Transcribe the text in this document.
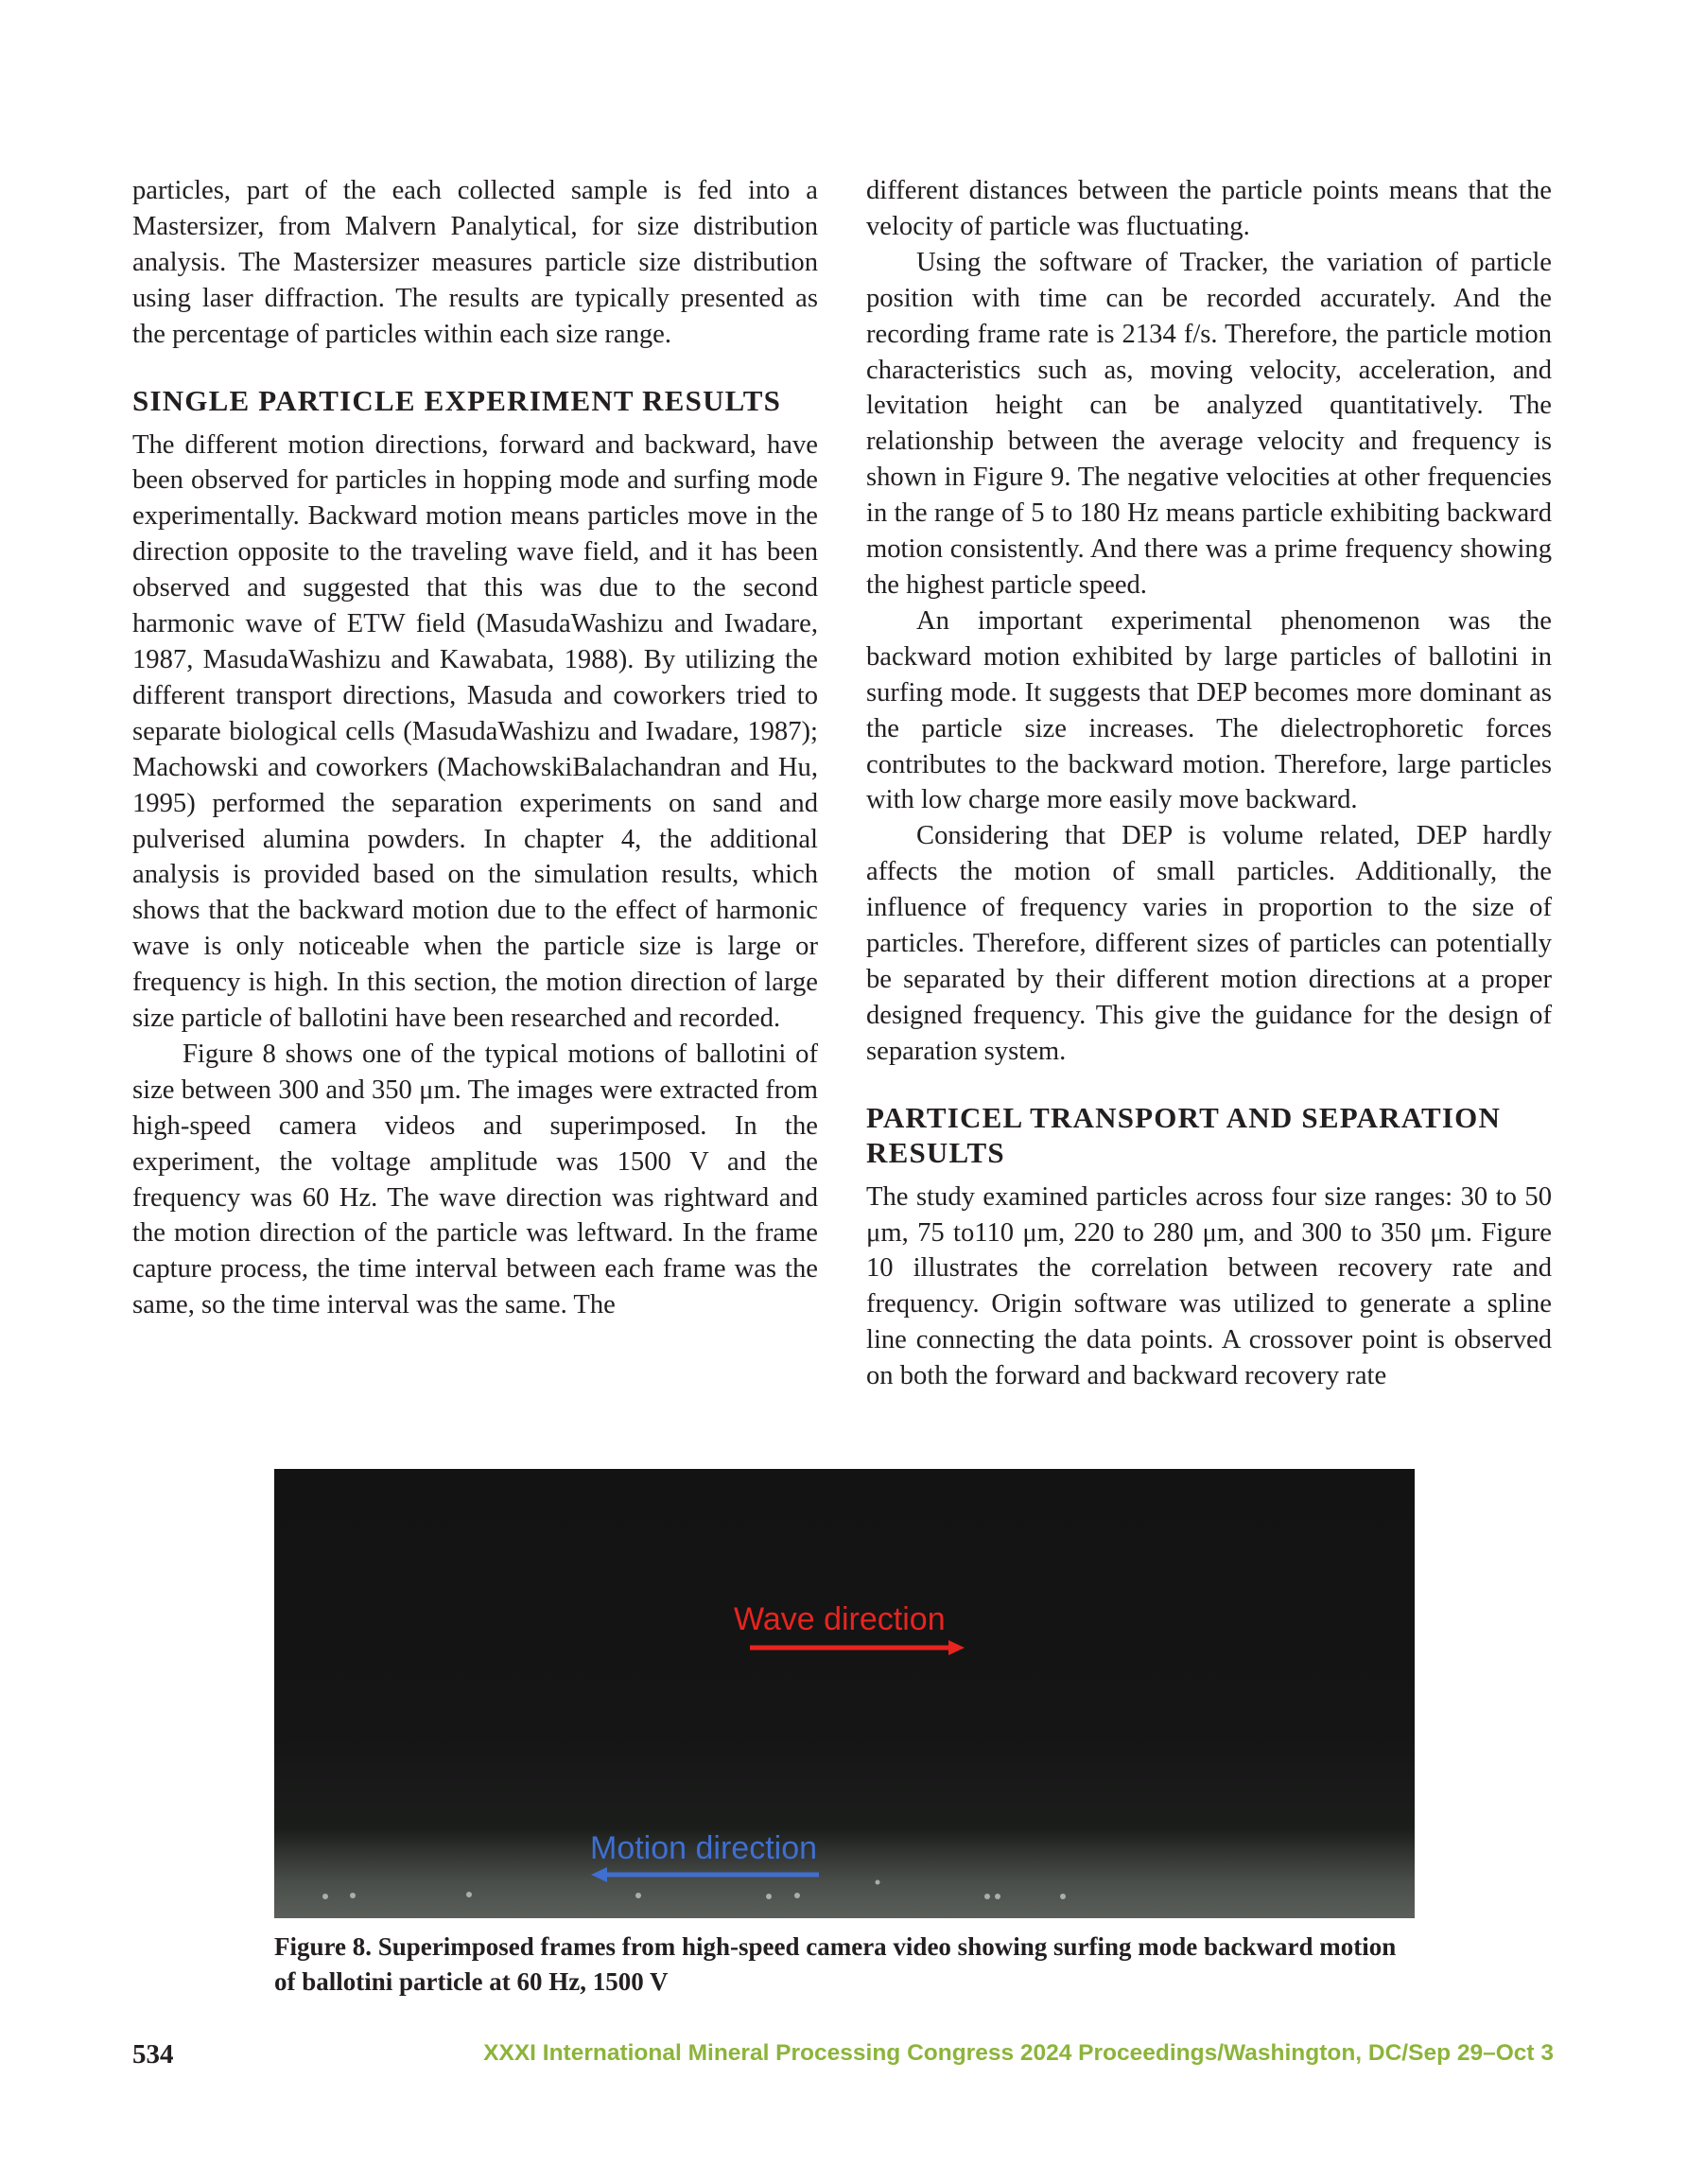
particles, part of the each collected sample is fed into a Mastersizer, from Malvern Panalytical, for size distribution analysis. The Mastersizer measures particle size distribution using laser diffraction. The results are typically presented as the percentage of particles within each size range.

SINGLE PARTICLE EXPERIMENT RESULTS

The different motion directions, forward and backward, have been observed for particles in hopping mode and surfing mode experimentally. Backward motion means particles move in the direction opposite to the traveling wave field, and it has been observed and suggested that this was due to the second harmonic wave of ETW field (MasudaWashizu and Iwadare, 1987, MasudaWashizu and Kawabata, 1988). By utilizing the different transport directions, Masuda and coworkers tried to separate biological cells (MasudaWashizu and Iwadare, 1987); Machowski and coworkers (MachowskiBalachandran and Hu, 1995) performed the separation experiments on sand and pulverised alumina powders. In chapter 4, the additional analysis is provided based on the simulation results, which shows that the backward motion due to the effect of harmonic wave is only noticeable when the particle size is large or frequency is high. In this section, the motion direction of large size particle of ballotini have been researched and recorded.

Figure 8 shows one of the typical motions of ballotini of size between 300 and 350 μm. The images were extracted from high-speed camera videos and superimposed. In the experiment, the voltage amplitude was 1500 V and the frequency was 60 Hz. The wave direction was rightward and the motion direction of the particle was leftward. In the frame capture process, the time interval between each frame was the same, so the time interval was the same. The

different distances between the particle points means that the velocity of particle was fluctuating.

Using the software of Tracker, the variation of particle position with time can be recorded accurately. And the recording frame rate is 2134 f/s. Therefore, the particle motion characteristics such as, moving velocity, acceleration, and levitation height can be analyzed quantitatively. The relationship between the average velocity and frequency is shown in Figure 9. The negative velocities at other frequencies in the range of 5 to 180 Hz means particle exhibiting backward motion consistently. And there was a prime frequency showing the highest particle speed.

An important experimental phenomenon was the backward motion exhibited by large particles of ballotini in surfing mode. It suggests that DEP becomes more dominant as the particle size increases. The dielectrophoretic forces contributes to the backward motion. Therefore, large particles with low charge more easily move backward.

Considering that DEP is volume related, DEP hardly affects the motion of small particles. Additionally, the influence of frequency varies in proportion to the size of particles. Therefore, different sizes of particles can potentially be separated by their different motion directions at a proper designed frequency. This give the guidance for the design of separation system.

PARTICEL TRANSPORT AND SEPARATION RESULTS

The study examined particles across four size ranges: 30 to 50 μm, 75 to110 μm, 220 to 280 μm, and 300 to 350 μm. Figure 10 illustrates the correlation between recovery rate and frequency. Origin software was utilized to generate a spline line connecting the data points. A crossover point is observed on both the forward and backward recovery rate

Wave direction
Motion direction
Figure 8. Superimposed frames from high-speed camera video showing surfing mode backward motion of ballotini particle at 60 Hz, 1500 V
534	XXXI International Mineral Processing Congress 2024 Proceedings/Washington, DC/Sep 29–Oct 3
